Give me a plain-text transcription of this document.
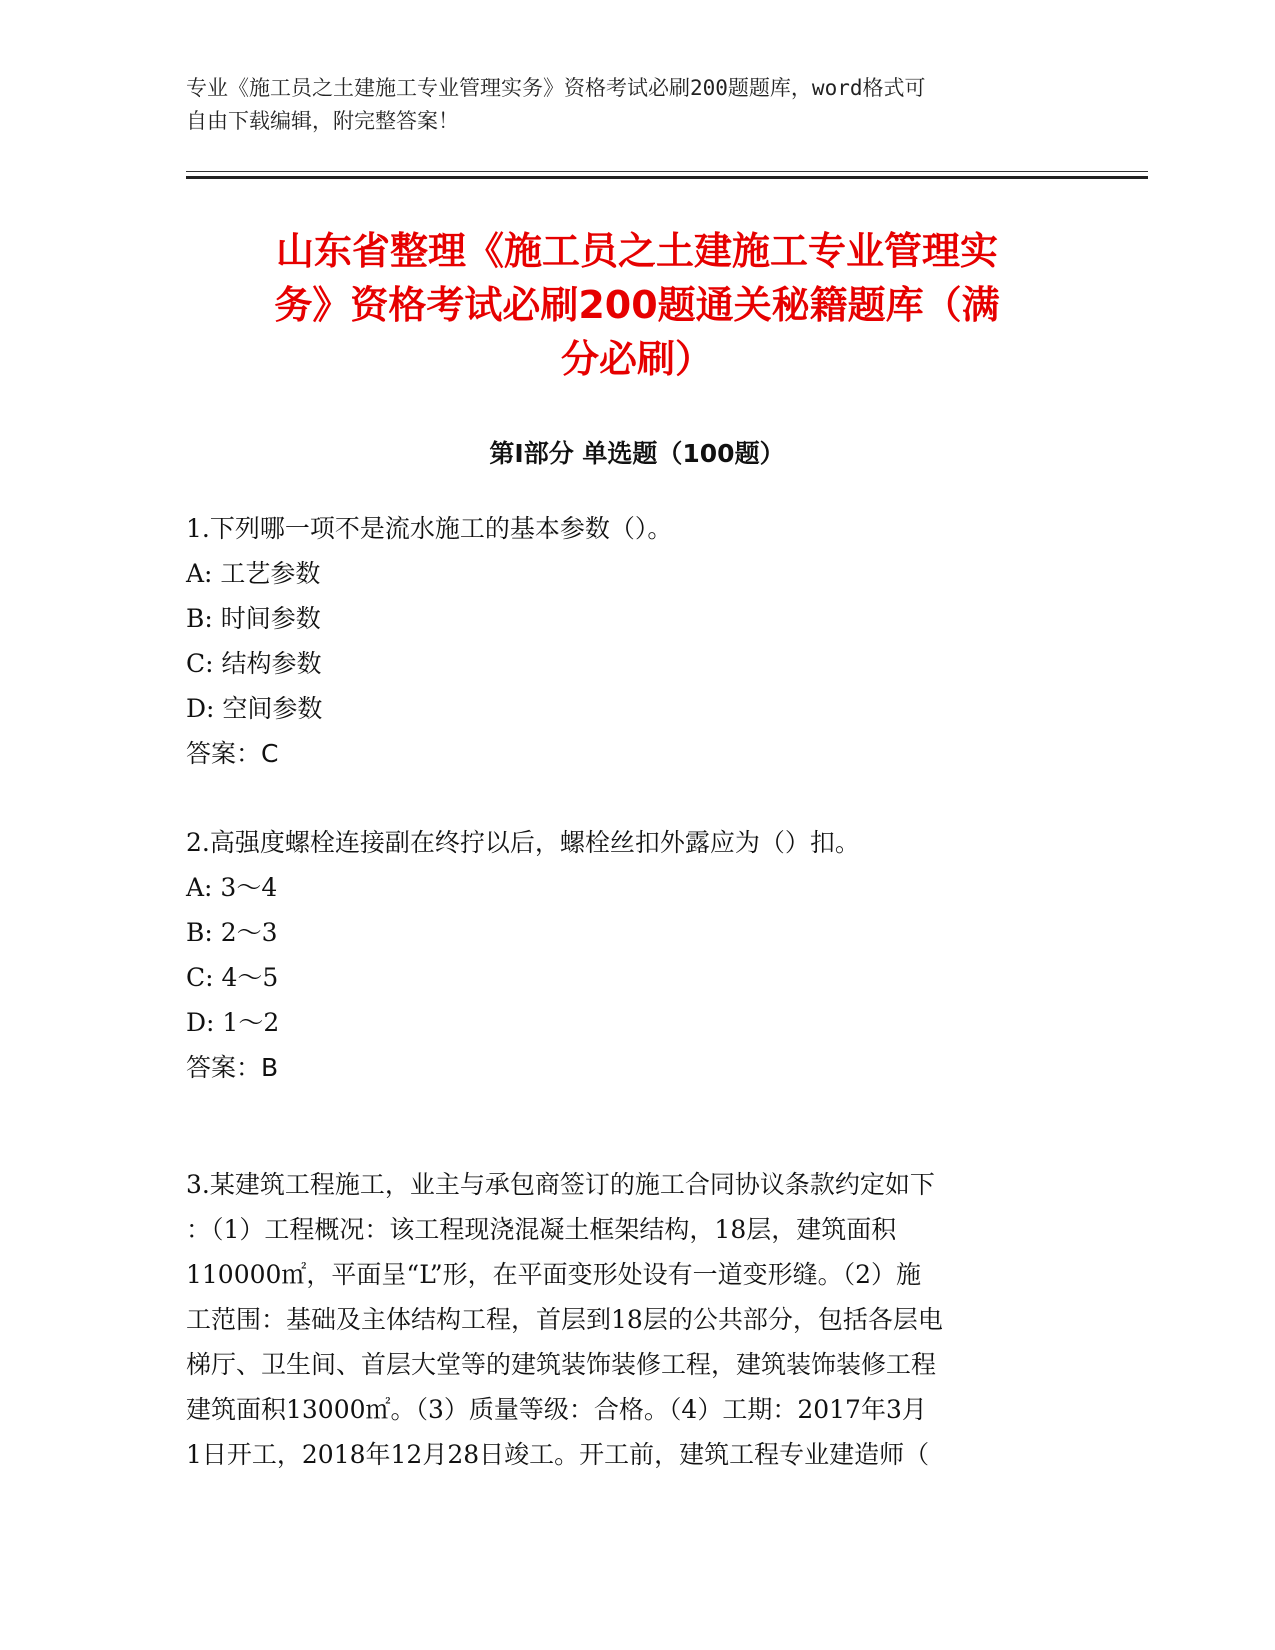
专业《施工员之土建施工专业管理实务》资格考试必刷200题题库，word格式可
自由下载编辑，附完整答案！
山东省整理《施工员之土建施工专业管理实
务》资格考试必刷200题通关秘籍题库（满
分必刷）
第Ⅰ部分 单选题（100题）
1.下列哪一项不是流水施工的基本参数（）。
A: 工艺参数
B: 时间参数
C: 结构参数
D: 空间参数
答案：C
2.高强度螺栓连接副在终拧以后，螺栓丝扣外露应为（）扣。
A: 3～4
B: 2～3
C: 4～5
D: 1～2
答案：B
3.某建筑工程施工，业主与承包商签订的施工合同协议条款约定如下
：（1）工程概况：该工程现浇混凝土框架结构，18层，建筑面积
110000㎡，平面呈“L”形，在平面变形处设有一道变形缝。（2）施
工范围：基础及主体结构工程，首层到18层的公共部分，包括各层电
梯厅、卫生间、首层大堂等的建筑装饰装修工程，建筑装饰装修工程
建筑面积13000㎡。（3）质量等级：合格。（4）工期：2017年3月
1日开工，2018年12月28日竣工。开工前，建筑工程专业建造师（
